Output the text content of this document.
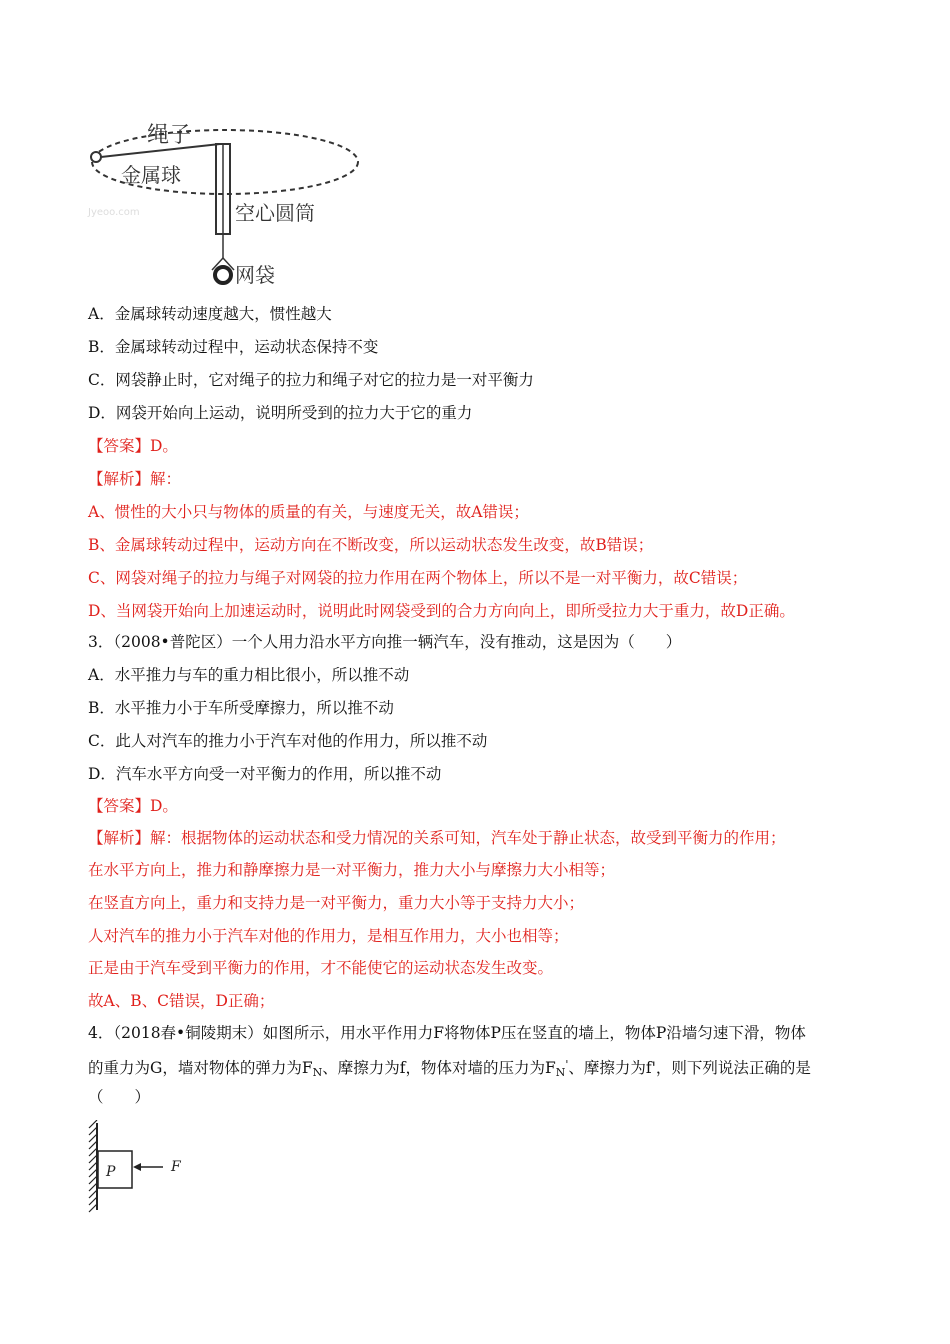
绳子
金属球
空心圆筒
网袋
Jyeoo.com
A．金属球转动速度越大，惯性越大
B．金属球转动过程中，运动状态保持不变
C．网袋静止时，它对绳子的拉力和绳子对它的拉力是一对平衡力
D．网袋开始向上运动，说明所受到的拉力大于它的重力
【答案】D。
【解析】解：
A、惯性的大小只与物体的质量的有关，与速度无关，故A错误；
B、金属球转动过程中，运动方向在不断改变，所以运动状态发生改变，故B错误；
C、网袋对绳子的拉力与绳子对网袋的拉力作用在两个物体上，所以不是一对平衡力，故C错误；
D、当网袋开始向上加速运动时，说明此时网袋受到的合力方向向上，即所受拉力大于重力，故D正确。
3．（2008•普陀区）一个人用力沿水平方向推一辆汽车，没有推动，这是因为（　　）
A．水平推力与车的重力相比很小，所以推不动
B．水平推力小于车所受摩擦力，所以推不动
C．此人对汽车的推力小于汽车对他的作用力，所以推不动
D．汽车水平方向受一对平衡力的作用，所以推不动
【答案】D。
【解析】解：根据物体的运动状态和受力情况的关系可知，汽车处于静止状态，故受到平衡力的作用；
在水平方向上，推力和静摩擦力是一对平衡力，推力大小与摩擦力大小相等；
在竖直方向上，重力和支持力是一对平衡力，重力大小等于支持力大小；
人对汽车的推力小于汽车对他的作用力，是相互作用力，大小也相等；
正是由于汽车受到平衡力的作用，才不能使它的运动状态发生改变。
故A、B、C错误，D正确；
4．（2018春•铜陵期末）如图所示，用水平作用力F将物体P压在竖直的墙上，物体P沿墙匀速下滑，物体
的重力为G，墙对物体的弹力为$F_N$、摩擦力为f，物体对墙的压力为$F_N'$、摩擦力为f'，则下列说法正确的是
（　　）
P	F
